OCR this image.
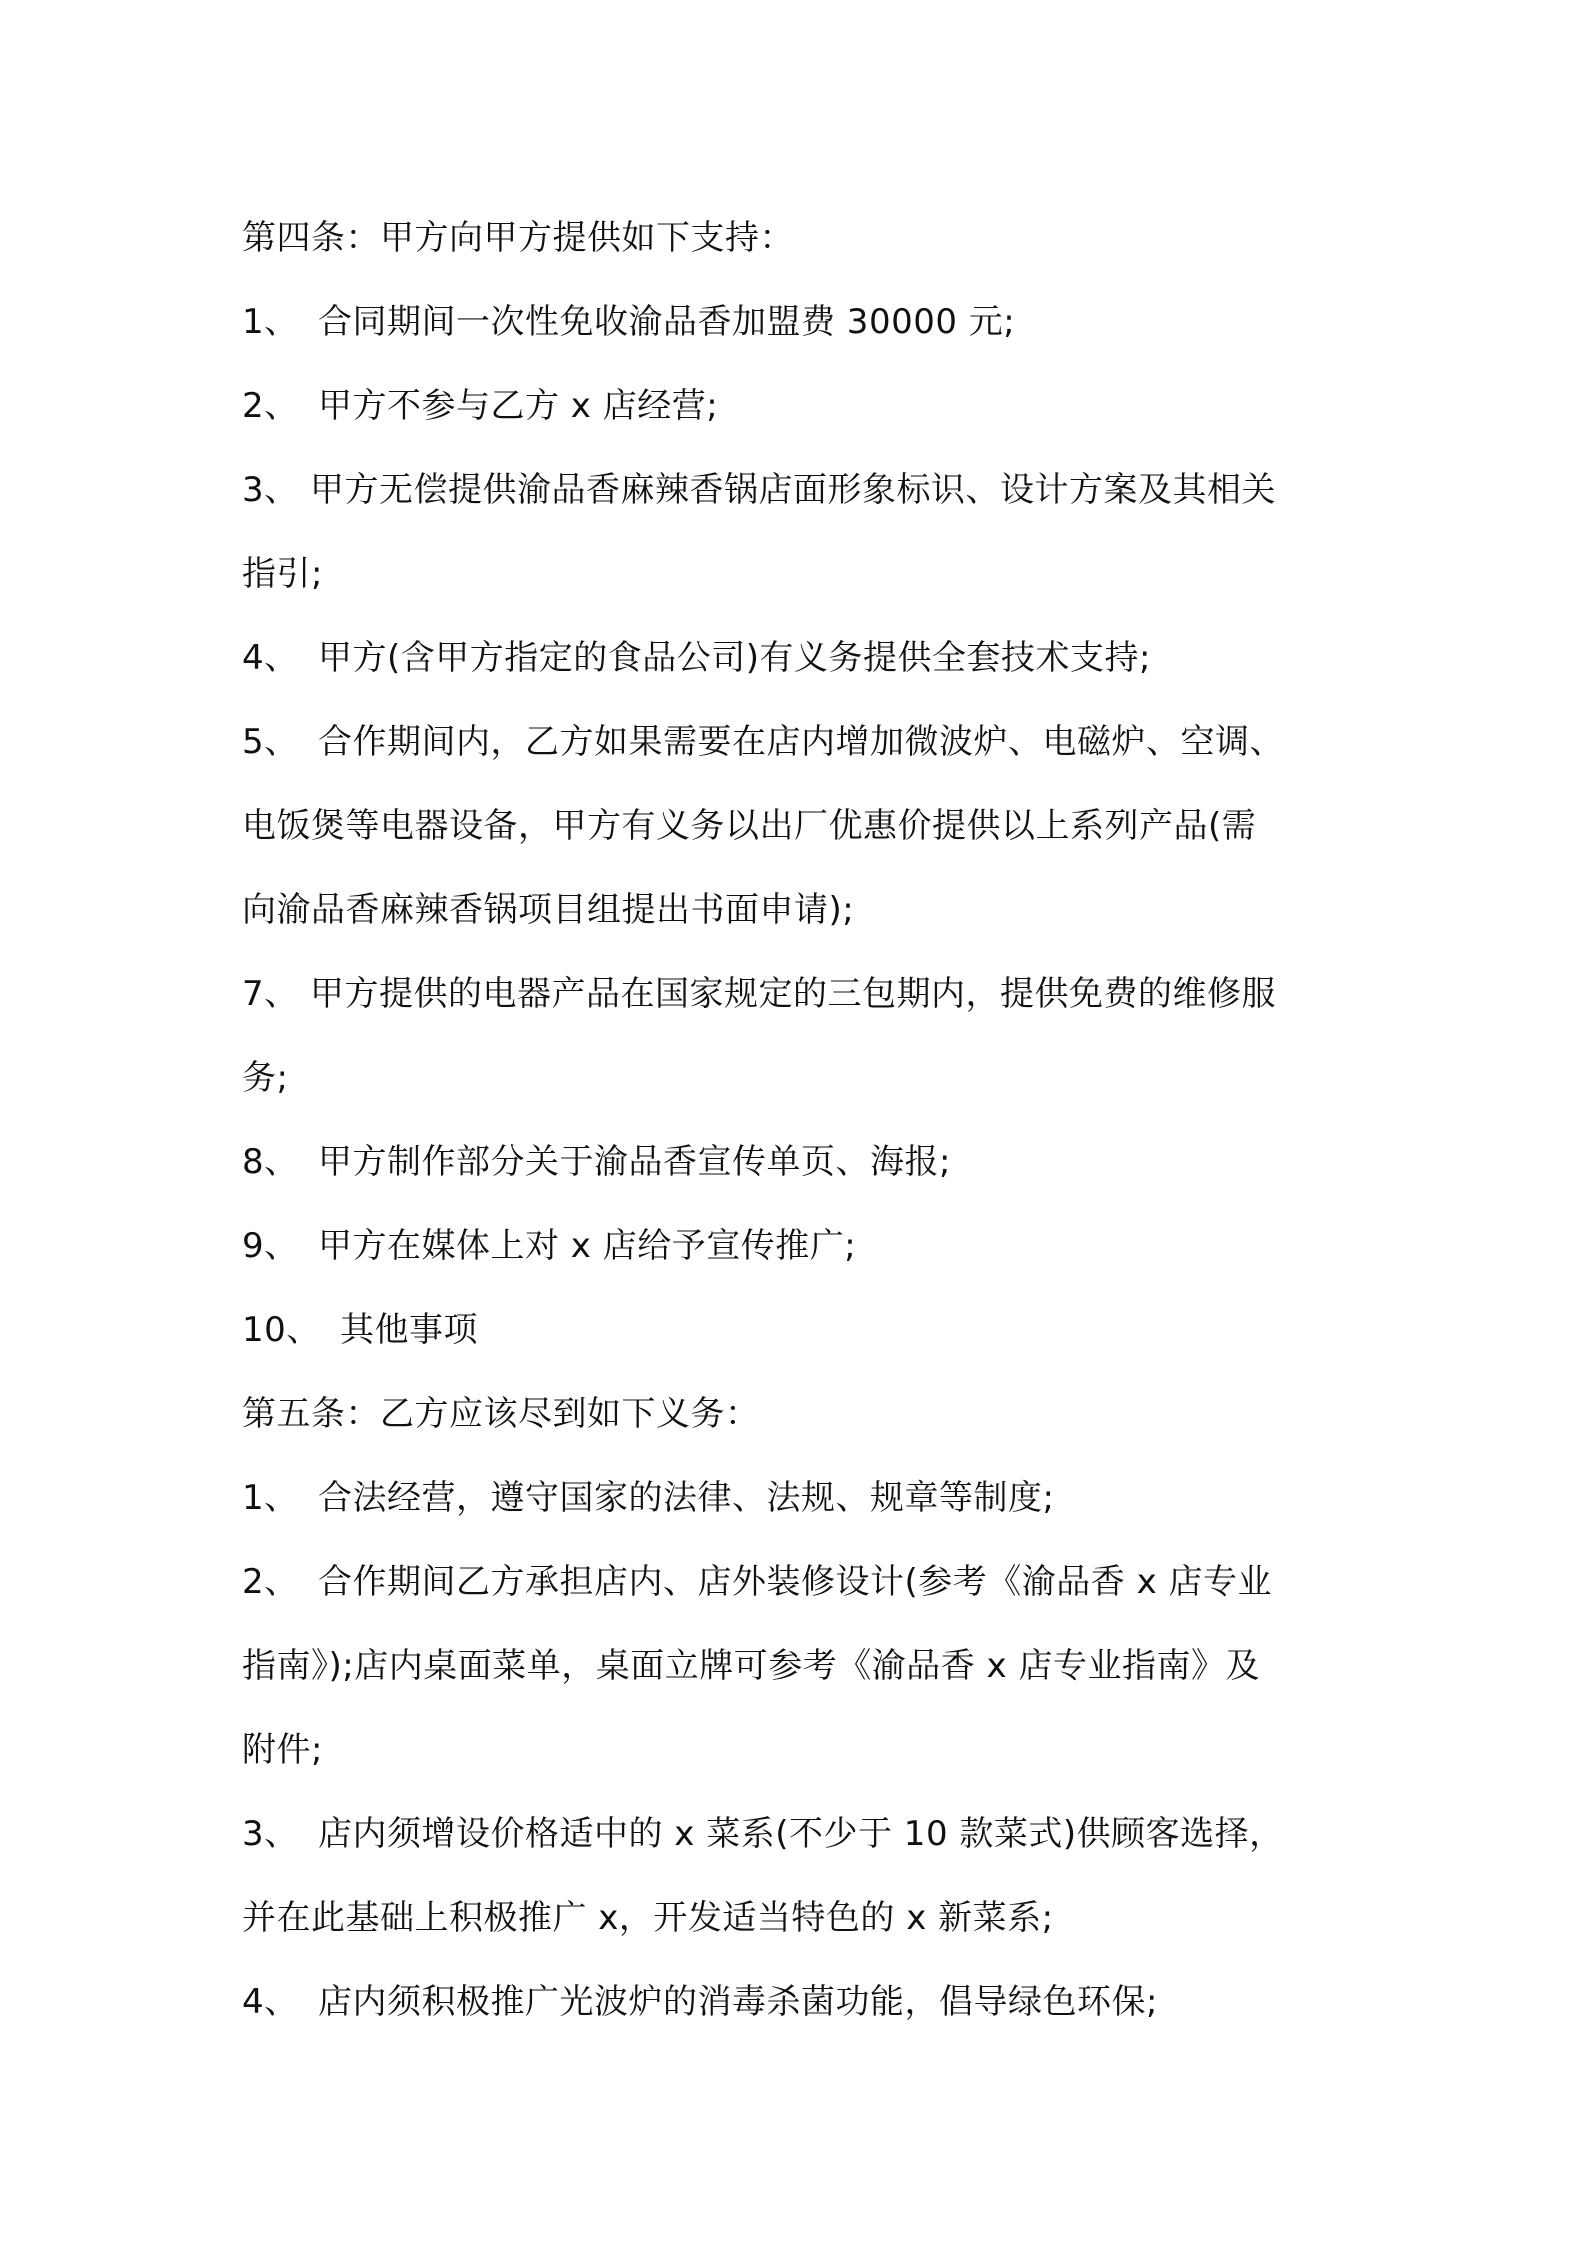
第四条：甲方向甲方提供如下支持：
1、 合同期间一次性免收渝品香加盟费 30000 元;
2、 甲方不参与乙方 x 店经营;
3、 甲方无偿提供渝品香麻辣香锅店面形象标识、设计方案及其相关
指引;
4、 甲方(含甲方指定的食品公司)有义务提供全套技术支持;
5、 合作期间内，乙方如果需要在店内增加微波炉、电磁炉、空调、
电饭煲等电器设备，甲方有义务以出厂优惠价提供以上系列产品(需
向渝品香麻辣香锅项目组提出书面申请);
7、 甲方提供的电器产品在国家规定的三包期内，提供免费的维修服
务;
8、 甲方制作部分关于渝品香宣传单页、海报;
9、 甲方在媒体上对 x 店给予宣传推广;
10、 其他事项
第五条：乙方应该尽到如下义务：
1、 合法经营，遵守国家的法律、法规、规章等制度;
2、 合作期间乙方承担店内、店外装修设计(参考《渝品香 x 店专业
指南》);店内桌面菜单，桌面立牌可参考《渝品香 x 店专业指南》及
附件;
3、 店内须增设价格适中的 x 菜系(不少于 10 款菜式)供顾客选择，
并在此基础上积极推广 x，开发适当特色的 x 新菜系;
4、 店内须积极推广光波炉的消毒杀菌功能，倡导绿色环保;
